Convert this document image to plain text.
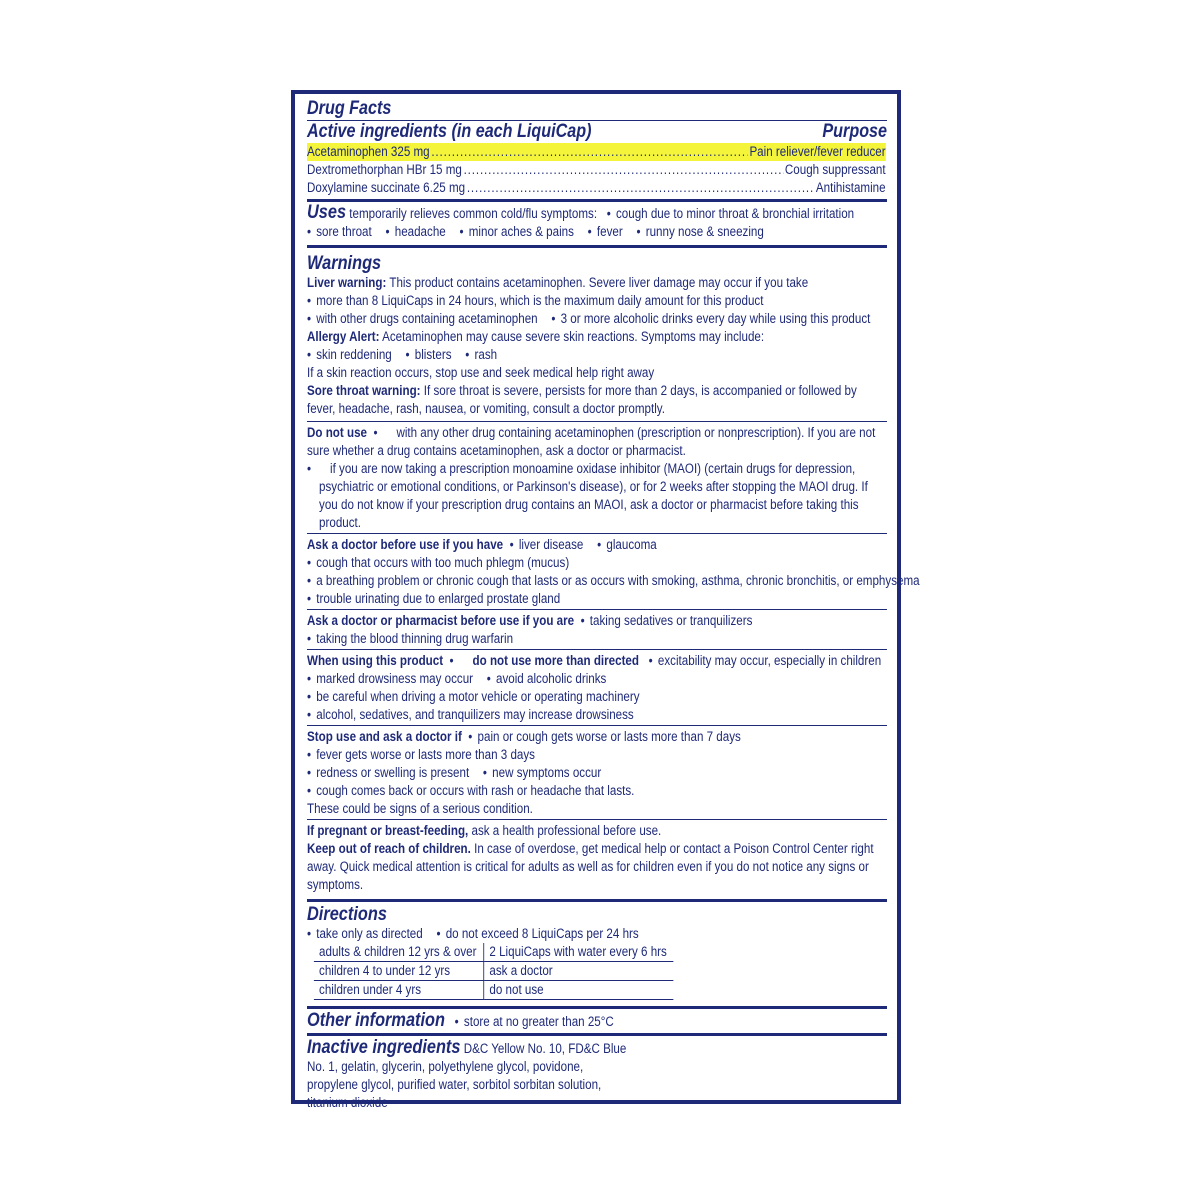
Drug Facts
Active ingredients (in each LiquiCap)	Purpose
Acetaminophen 325 mg .....	Pain reliever/fever reducer
Dextromethorphan HBr 15 mg .....	Cough suppressant
Doxylamine succinate 6.25 mg .....	Antihistamine
Uses temporarily relieves common cold/flu symptoms: • cough due to minor throat & bronchial irritation
• sore throat • headache • minor aches & pains • fever • runny nose & sneezing
Warnings
Liver warning: This product contains acetaminophen. Severe liver damage may occur if you take
• more than 8 LiquiCaps in 24 hours, which is the maximum daily amount for this product
• with other drugs containing acetaminophen • 3 or more alcoholic drinks every day while using this product
Allergy Alert: Acetaminophen may cause severe skin reactions. Symptoms may include:
• skin reddening • blisters • rash
If a skin reaction occurs, stop use and seek medical help right away
Sore throat warning: If sore throat is severe, persists for more than 2 days, is accompanied or followed by fever, headache, rash, nausea, or vomiting, consult a doctor promptly.
Do not use • with any other drug containing acetaminophen (prescription or nonprescription). If you are not sure whether a drug contains acetaminophen, ask a doctor or pharmacist.
• if you are now taking a prescription monoamine oxidase inhibitor (MAOI) (certain drugs for depression, psychiatric or emotional conditions, or Parkinson's disease), or for 2 weeks after stopping the MAOI drug. If you do not know if your prescription drug contains an MAOI, ask a doctor or pharmacist before taking this product.
Ask a doctor before use if you have • liver disease • glaucoma
• cough that occurs with too much phlegm (mucus)
• a breathing problem or chronic cough that lasts or as occurs with smoking, asthma, chronic bronchitis, or emphysema
• trouble urinating due to enlarged prostate gland
Ask a doctor or pharmacist before use if you are • taking sedatives or tranquilizers
• taking the blood thinning drug warfarin
When using this product • do not use more than directed • excitability may occur, especially in children
• marked drowsiness may occur • avoid alcoholic drinks
• be careful when driving a motor vehicle or operating machinery
• alcohol, sedatives, and tranquilizers may increase drowsiness
Stop use and ask a doctor if • pain or cough gets worse or lasts more than 7 days
• fever gets worse or lasts more than 3 days
• redness or swelling is present • new symptoms occur
• cough comes back or occurs with rash or headache that lasts.
These could be signs of a serious condition.
If pregnant or breast-feeding, ask a health professional before use.
Keep out of reach of children. In case of overdose, get medical help or contact a Poison Control Center right away. Quick medical attention is critical for adults as well as for children even if you do not notice any signs or symptoms.
Directions
• take only as directed • do not exceed 8 LiquiCaps per 24 hrs
adults & children 12 yrs & over	2 LiquiCaps with water every 6 hrs
children 4 to under 12 yrs	ask a doctor
children under 4 yrs	do not use
Other information • store at no greater than 25°C
Inactive ingredients D&C Yellow No. 10, FD&C Blue No. 1, gelatin, glycerin, polyethylene glycol, povidone, propylene glycol, purified water, sorbitol sorbitan solution, titanium dioxide
